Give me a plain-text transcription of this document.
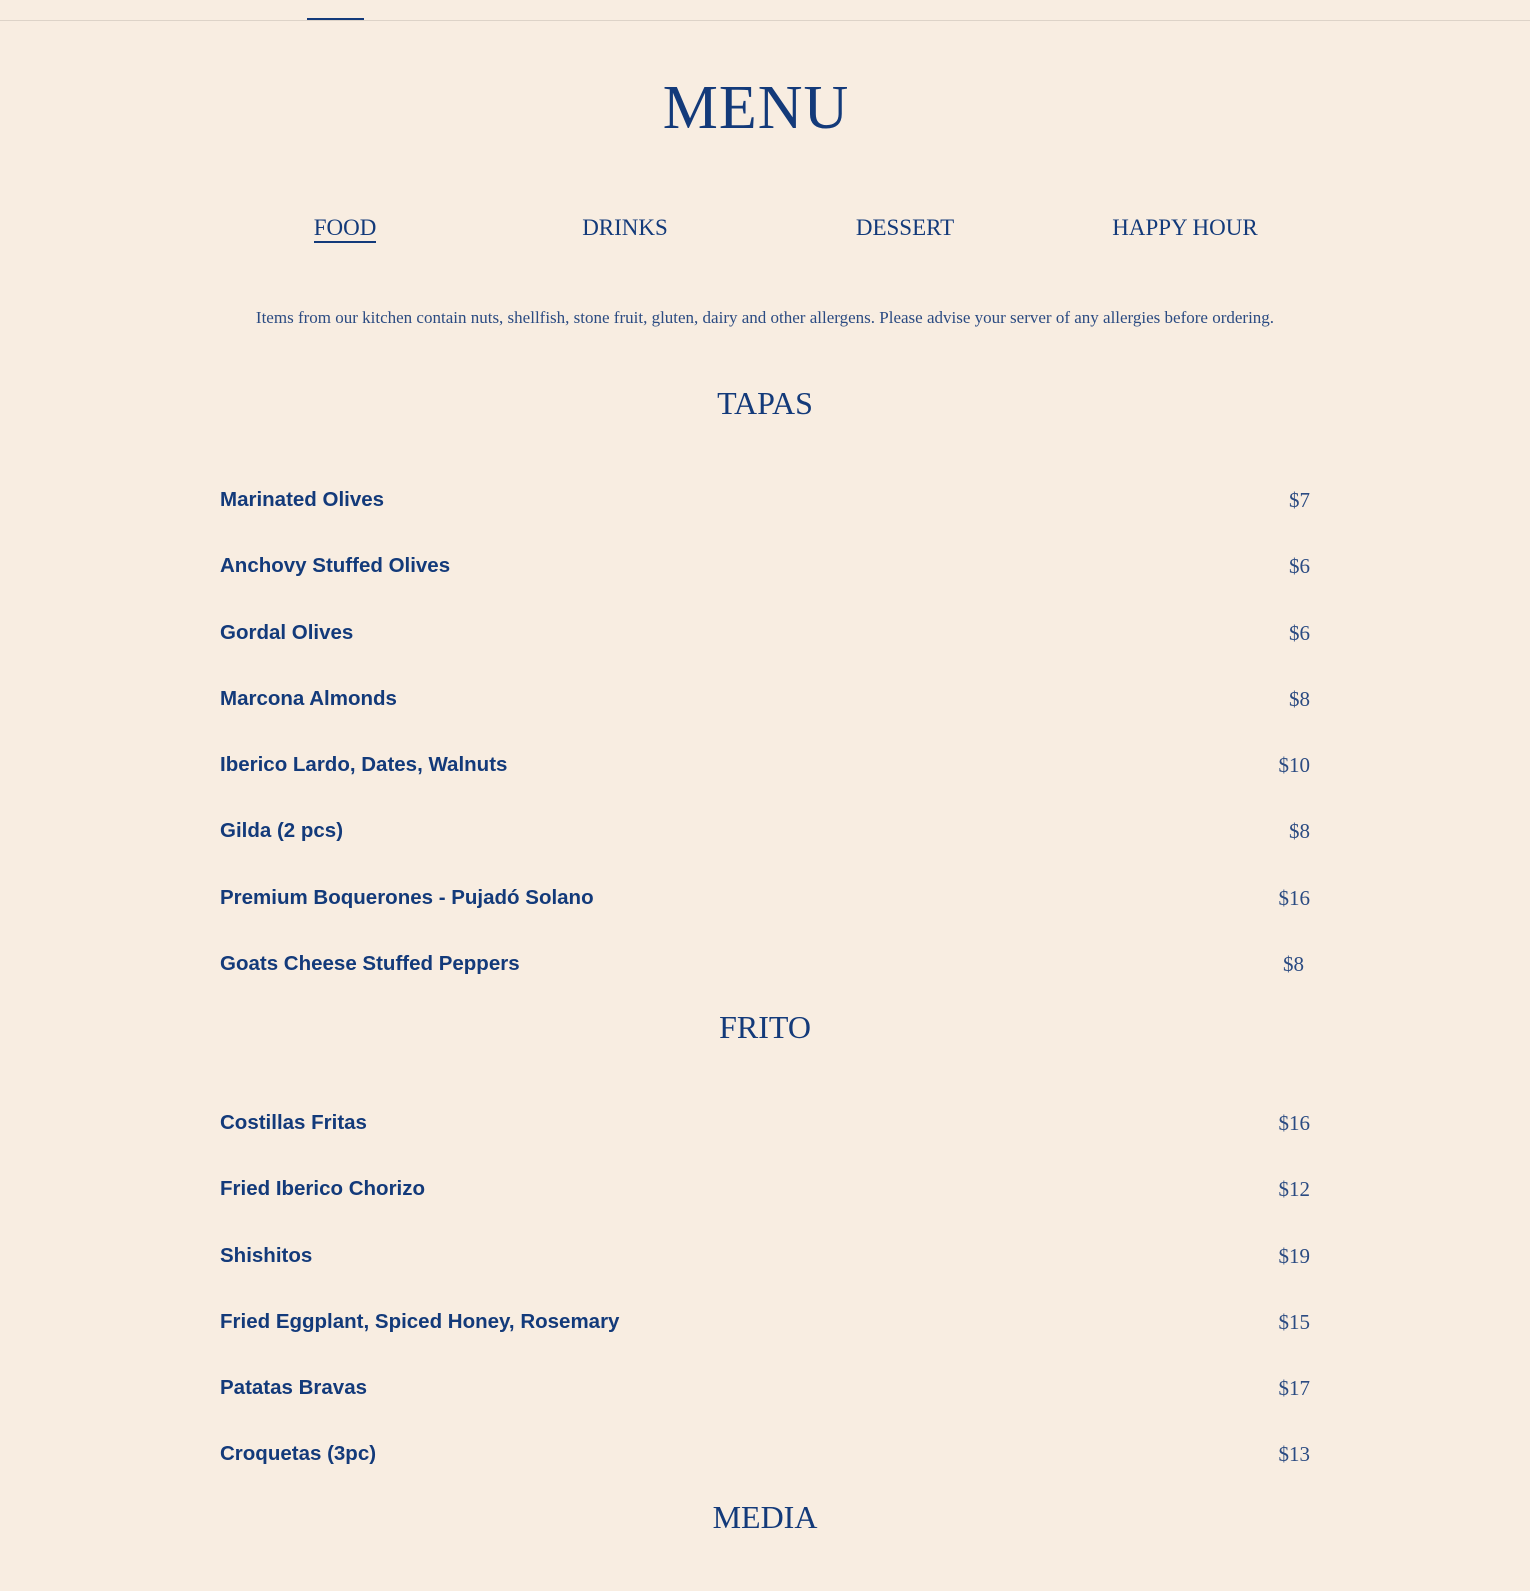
MENU
FOOD	DRINKS	DESSERT	HAPPY HOUR

Items from our kitchen contain nuts, shellfish, stone fruit, gluten, dairy and other allergens. Please advise your server of any allergies before ordering.

TAPAS
Marinated Olives	$7
Anchovy Stuffed Olives	$6
Gordal Olives	$6
Marcona Almonds	$8
Iberico Lardo, Dates, Walnuts	$10
Gilda (2 pcs)	$8
Premium Boquerones - Pujadó Solano	$16
Goats Cheese Stuffed Peppers	$8
FRITO
Costillas Fritas	$16
Fried Iberico Chorizo	$12
Shishitos	$19
Fried Eggplant, Spiced Honey, Rosemary	$15
Patatas Bravas	$17
Croquetas (3pc)	$13
MEDIA
